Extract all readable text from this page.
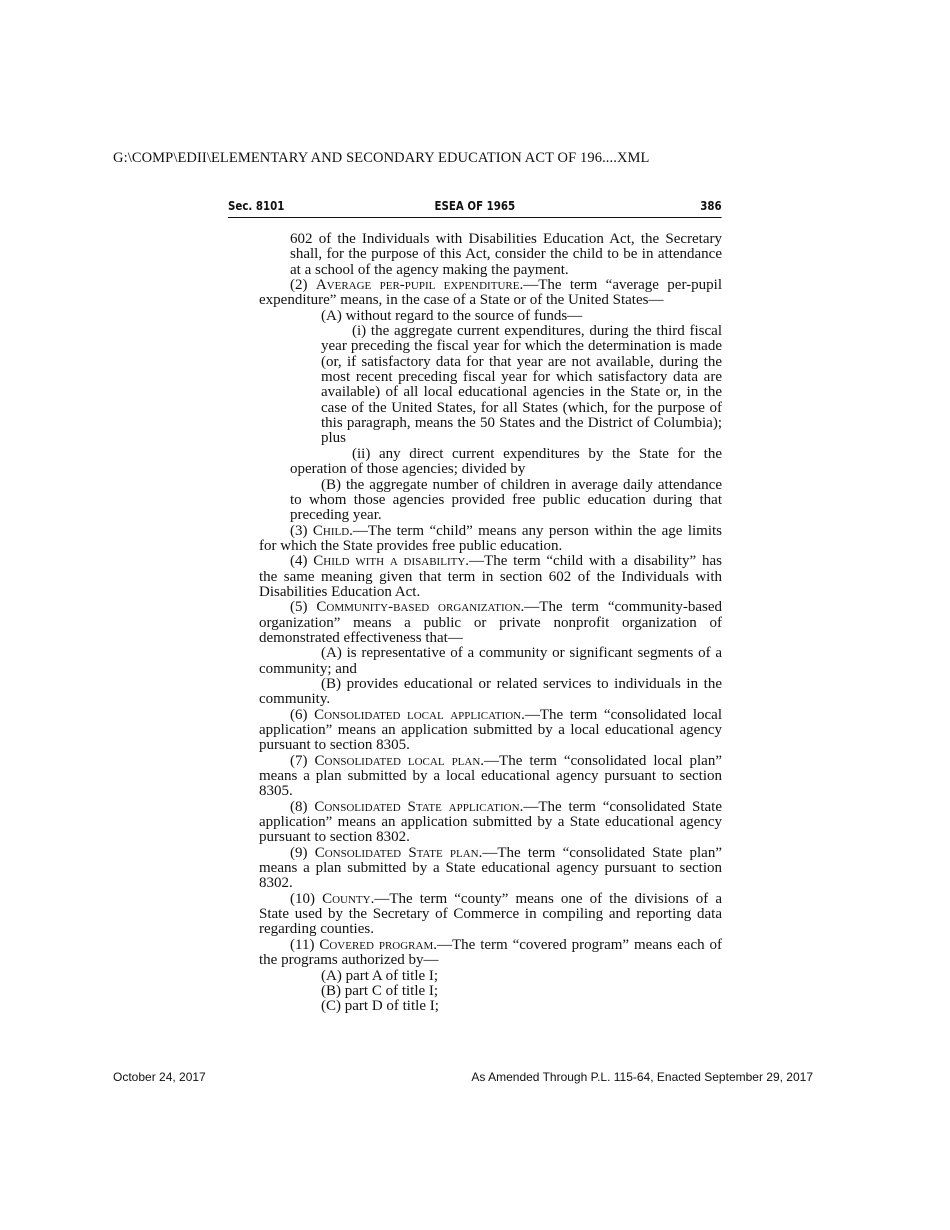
G:\COMP\EDII\ELEMENTARY AND SECONDARY EDUCATION ACT OF 196....XML
Sec. 8101	ESEA OF 1965	386

602 of the Individuals with Disabilities Education Act, the Secretary shall, for the purpose of this Act, consider the child to be in attendance at a school of the agency making the payment.

(2) Average per-pupil expenditure.—The term “average per-pupil expenditure” means, in the case of a State or of the United States—

(A) without regard to the source of funds—

(i) the aggregate current expenditures, during the third fiscal year preceding the fiscal year for which the determination is made (or, if satisfactory data for that year are not available, during the most recent preceding fiscal year for which satisfactory data are available) of all local educational agencies in the State or, in the case of the United States, for all States (which, for the purpose of this paragraph, means the 50 States and the District of Columbia); plus

(ii) any direct current expenditures by the State for the operation of those agencies; divided by

(B) the aggregate number of children in average daily attendance to whom those agencies provided free public education during that preceding year.

(3) Child.—The term “child” means any person within the age limits for which the State provides free public education.

(4) Child with a disability.—The term “child with a disability” has the same meaning given that term in section 602 of the Individuals with Disabilities Education Act.

(5) Community-based organization.—The term “community-based organization” means a public or private nonprofit organization of demonstrated effectiveness that—

(A) is representative of a community or significant segments of a community; and

(B) provides educational or related services to individuals in the community.

(6) Consolidated local application.—The term “consolidated local application” means an application submitted by a local educational agency pursuant to section 8305.

(7) Consolidated local plan.—The term “consolidated local plan” means a plan submitted by a local educational agency pursuant to section 8305.

(8) Consolidated State application.—The term “consolidated State application” means an application submitted by a State educational agency pursuant to section 8302.

(9) Consolidated State plan.—The term “consolidated State plan” means a plan submitted by a State educational agency pursuant to section 8302.

(10) County.—The term “county” means one of the divisions of a State used by the Secretary of Commerce in compiling and reporting data regarding counties.

(11) Covered program.—The term “covered program” means each of the programs authorized by—

(A) part A of title I;

(B) part C of title I;

(C) part D of title I;

October 24, 2017	As Amended Through P.L. 115-64, Enacted September 29, 2017
